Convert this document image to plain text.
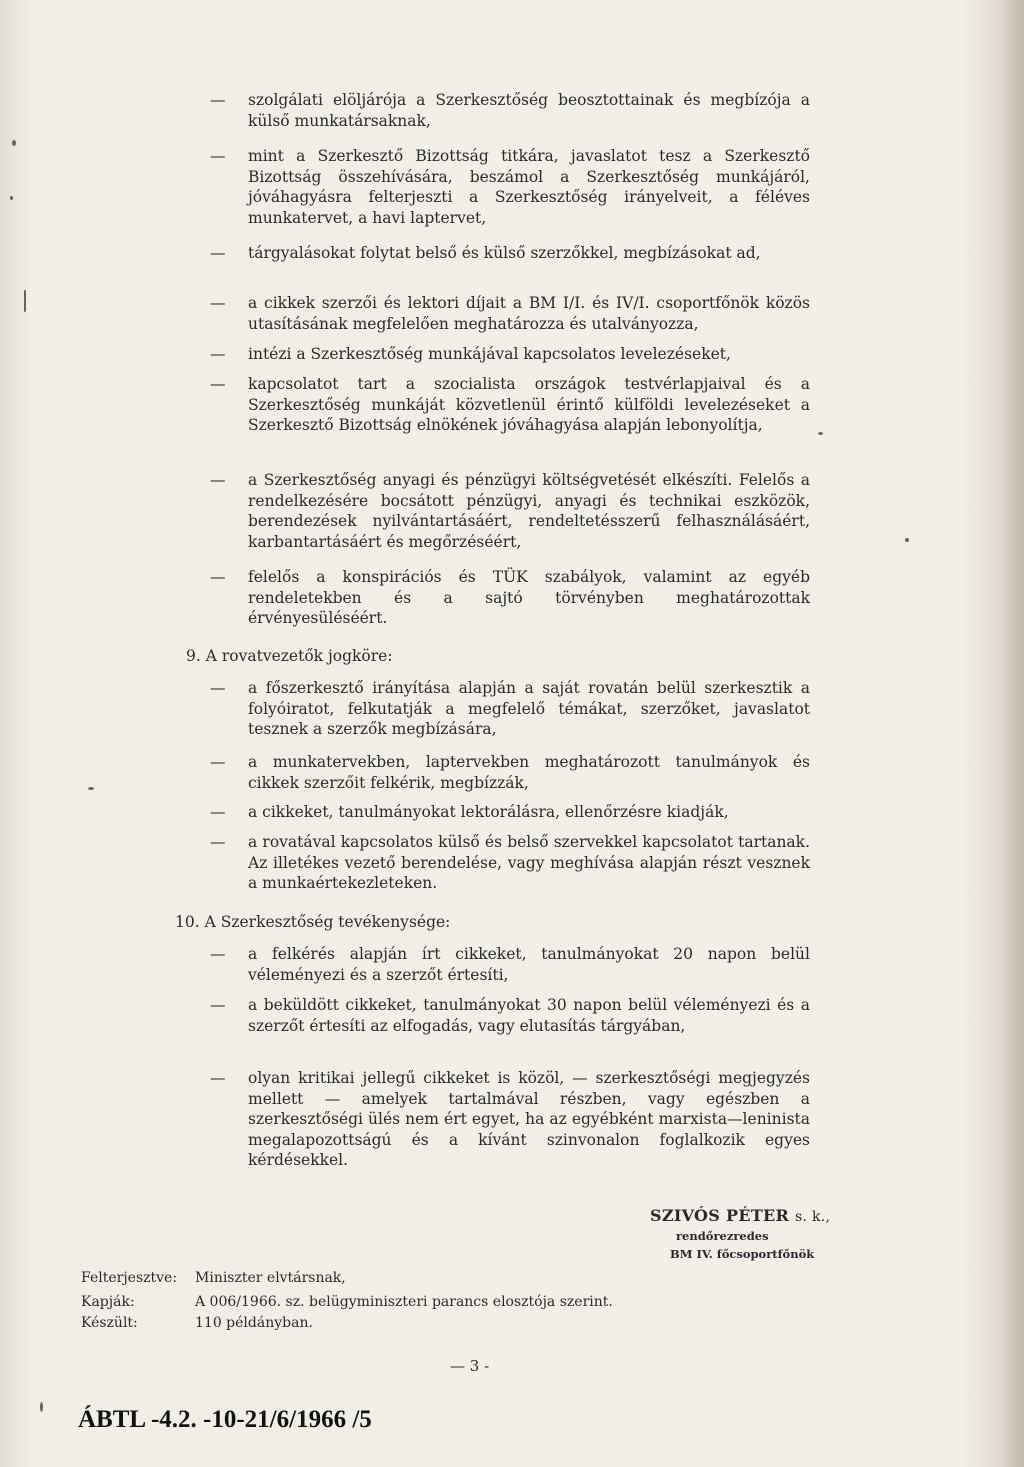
—	szolgálati elöljárója a Szerkesztőség beosztottainak és megbízója a külső munkatársaknak,
—	mint a Szerkesztő Bizottság titkára, javaslatot tesz a Szerkesztő Bizottság összehívására, beszámol a Szerkesztőség munkájáról, jóváhagyásra felterjeszti a Szerkesztőség irányelveit, a féléves munkatervet, a havi laptervet,
—	tárgyalásokat folytat belső és külső szerzőkkel, megbízásokat ad,
—	a cikkek szerzői és lektori díjait a BM I/I. és IV/I. csoportfőnök közös utasításának megfelelően meghatározza és utalványozza,
—	intézi a Szerkesztőség munkájával kapcsolatos levelezéseket,
—	kapcsolatot tart a szocialista országok testvérlapjaival és a Szerkesztőség munkáját közvetlenül érintő külföldi levelezéseket a Szerkesztő Bizottság elnökének jóváhagyása alapján lebonyolítja,
—	a Szerkesztőség anyagi és pénzügyi költségvetését elkészíti. Felelős a rendelkezésére bocsátott pénzügyi, anyagi és technikai eszközök, berendezések nyilvántartásáért, rendeltetésszerű felhasználásáért, karbantartásáért és megőrzéséért,
—	felelős a konspirációs és TÜK szabályok, valamint az egyéb rendeletekben és a sajtó törvényben meghatározottak érvényesüléséért.
9. A rovatvezetők jogköre:
—	a főszerkesztő irányítása alapján a saját rovatán belül szerkesztik a folyóiratot, felkutatják a megfelelő témákat, szerzőket, javaslatot tesznek a szerzők megbízására,
—	a munkatervekben, laptervekben meghatározott tanulmányok és cikkek szerzőit felkérik, megbízzák,
—	a cikkeket, tanulmányokat lektorálásra, ellenőrzésre kiadják,
—	a rovatával kapcsolatos külső és belső szervekkel kapcsolatot tartanak. Az illetékes vezető berendelése, vagy meghívása alapján részt vesznek a munkaértekezleteken.
10. A Szerkesztőség tevékenysége:
—	a felkérés alapján írt cikkeket, tanulmányokat 20 napon belül véleményezi és a szerzőt értesíti,
—	a beküldött cikkeket, tanulmányokat 30 napon belül véleményezi és a szerzőt értesíti az elfogadás, vagy elutasítás tárgyában,
—	olyan kritikai jellegű cikkeket is közöl, — szerkesztőségi megjegyzés mellett — amelyek tartalmával részben, vagy egészben a szerkesztőségi ülés nem ért egyet, ha az egyébként marxista—leninista megalapozottságú és a kívánt szinvonalon foglalkozik egyes kérdésekkel.
SZIVÓS PÉTER s. k.,
rendőrezredes
BM IV. főcsoportfőnök
Felterjesztve: Miniszter elvtársnak,
Kapják:	A 006/1966. sz. belügyminiszteri parancs elosztója szerint.
Készült:	110 példányban.
— 3 -
ÁBTL -4.2. -10-21/6/1966 /5
